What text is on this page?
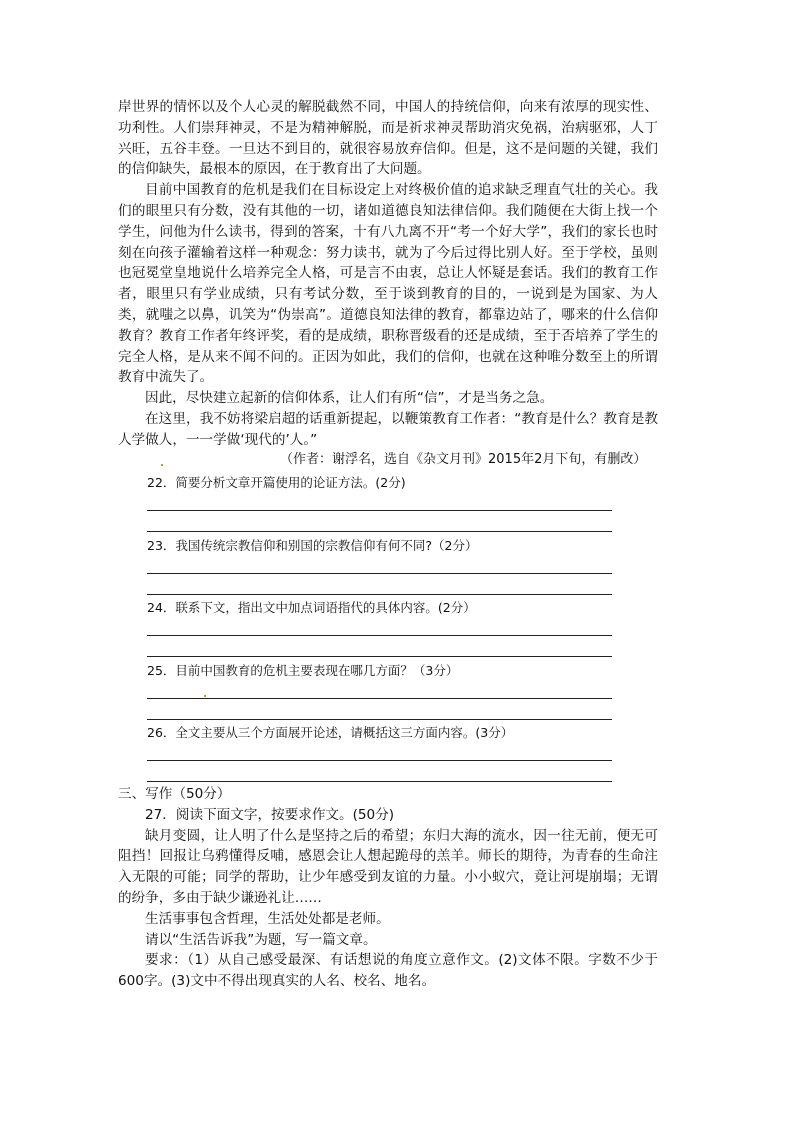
岸世界的情怀以及个人心灵的解脱截然不同，中国人的持统信仰，向来有浓厚的现实性、功利性。人们崇拜神灵，不是为精神解脱，而是祈求神灵帮助消灾免祸，治病驱邪，人丁兴旺，五谷丰登。一旦达不到目的，就很容易放弃信仰。但是，这不是问题的关键，我们的信仰缺失，最根本的原因，在于教育出了大问题。

目前中国教育的危机是我们在目标设定上对终极价值的追求缺乏理直气壮的关心。我们的眼里只有分数，没有其他的一切，诸如道德良知法律信仰。我们随便在大街上找一个学生，问他为什么读书，得到的答案，十有八九离不开“考一个好大学”，我们的家长也时刻在向孩子灌输着这样一种观念：努力读书，就为了今后过得比别人好。至于学校，虽则也冠冕堂皇地说什么培养完全人格，可是言不由衷，总让人怀疑是套话。我们的教育工作者，眼里只有学业成绩，只有考试分数，至于谈到教育的目的，一说到是为国家、为人类，就嗤之以鼻，讥笑为“伪崇高”。道德良知法律的教育，都靠边站了，哪来的什么信仰教育？教育工作者年终评奖，看的是成绩，职称晋级看的还是成绩，至于否培养了学生的完全人格，是从来不闻不问的。正因为如此，我们的信仰，也就在这种唯分数至上的所谓教育中流失了。

因此，尽快建立起新的信仰体系，让人们有所“信”，才是当务之急。

在这里，我不妨将梁启超的话重新提起，以鞭策教育工作者：“教育是什么？教育是教人学做人，一一学做‘现代的’人。”

（作者：谢浮名，选自《杂文月刊》2015年2月下旬，有删改）
22．简要分析文章开篇使用的论证方法。(2分)
23．我国传统宗教信仰和别国的宗教信仰有何不同?（2分）
24．联系下文，指出文中加点词语指代的具体内容。(2分）
25．目前中国教育的危机主要表现在哪几方面？（3分）
26．全文主要从三个方面展开论述，请概括这三方面内容。(3分）

三、写作（50分）

27．阅读下面文字，按要求作文。(50分)

缺月变圆，让人明了什么是坚持之后的希望；东归大海的流水，因一往无前，便无可阻挡！回报让乌鸦懂得反哺，感恩会让人想起跪母的羔羊。师长的期待，为青春的生命注入无限的可能；同学的帮助，让少年感受到友谊的力量。小小蚁穴，竟让河堤崩塌；无谓的纷争，多由于缺少谦逊礼让……

生活事事包含哲理，生活处处都是老师。

请以“生活告诉我”为题，写一篇文章。

要求：（1）从自己感受最深、有话想说的角度立意作文。(2)文体不限。字数不少于600字。(3)文中不得出现真实的人名、校名、地名。
